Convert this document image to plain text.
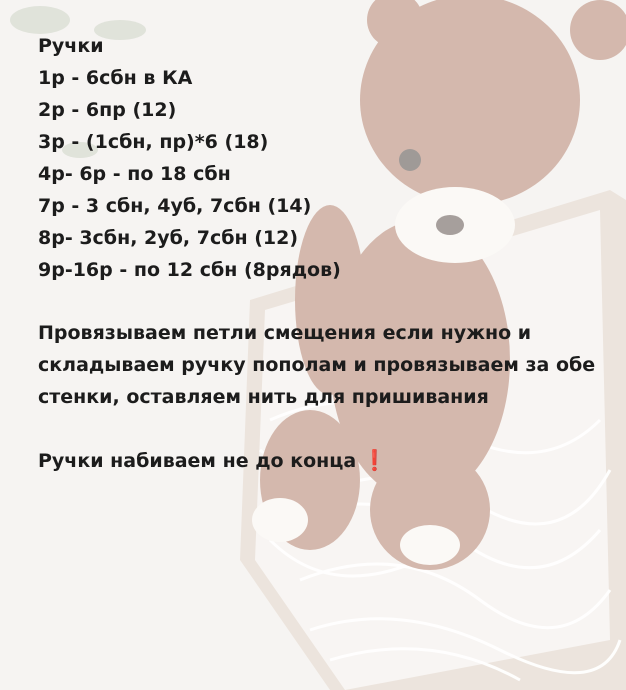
Ручки
1р - 6сбн в КА
2р - 6пр (12)
3р - (1сбн, пр)*6 (18)
4р- 6р - по 18 сбн
7р - 3 сбн, 4уб, 7сбн (14)
8р- 3сбн, 2уб, 7сбн (12)
9р-16р - по 12 сбн (8рядов)
Провязываем петли смещения если нужно и
складываем ручку пополам и провязываем за обе
стенки, оставляем нить для пришивания
Ручки набиваем не до конца ❗
